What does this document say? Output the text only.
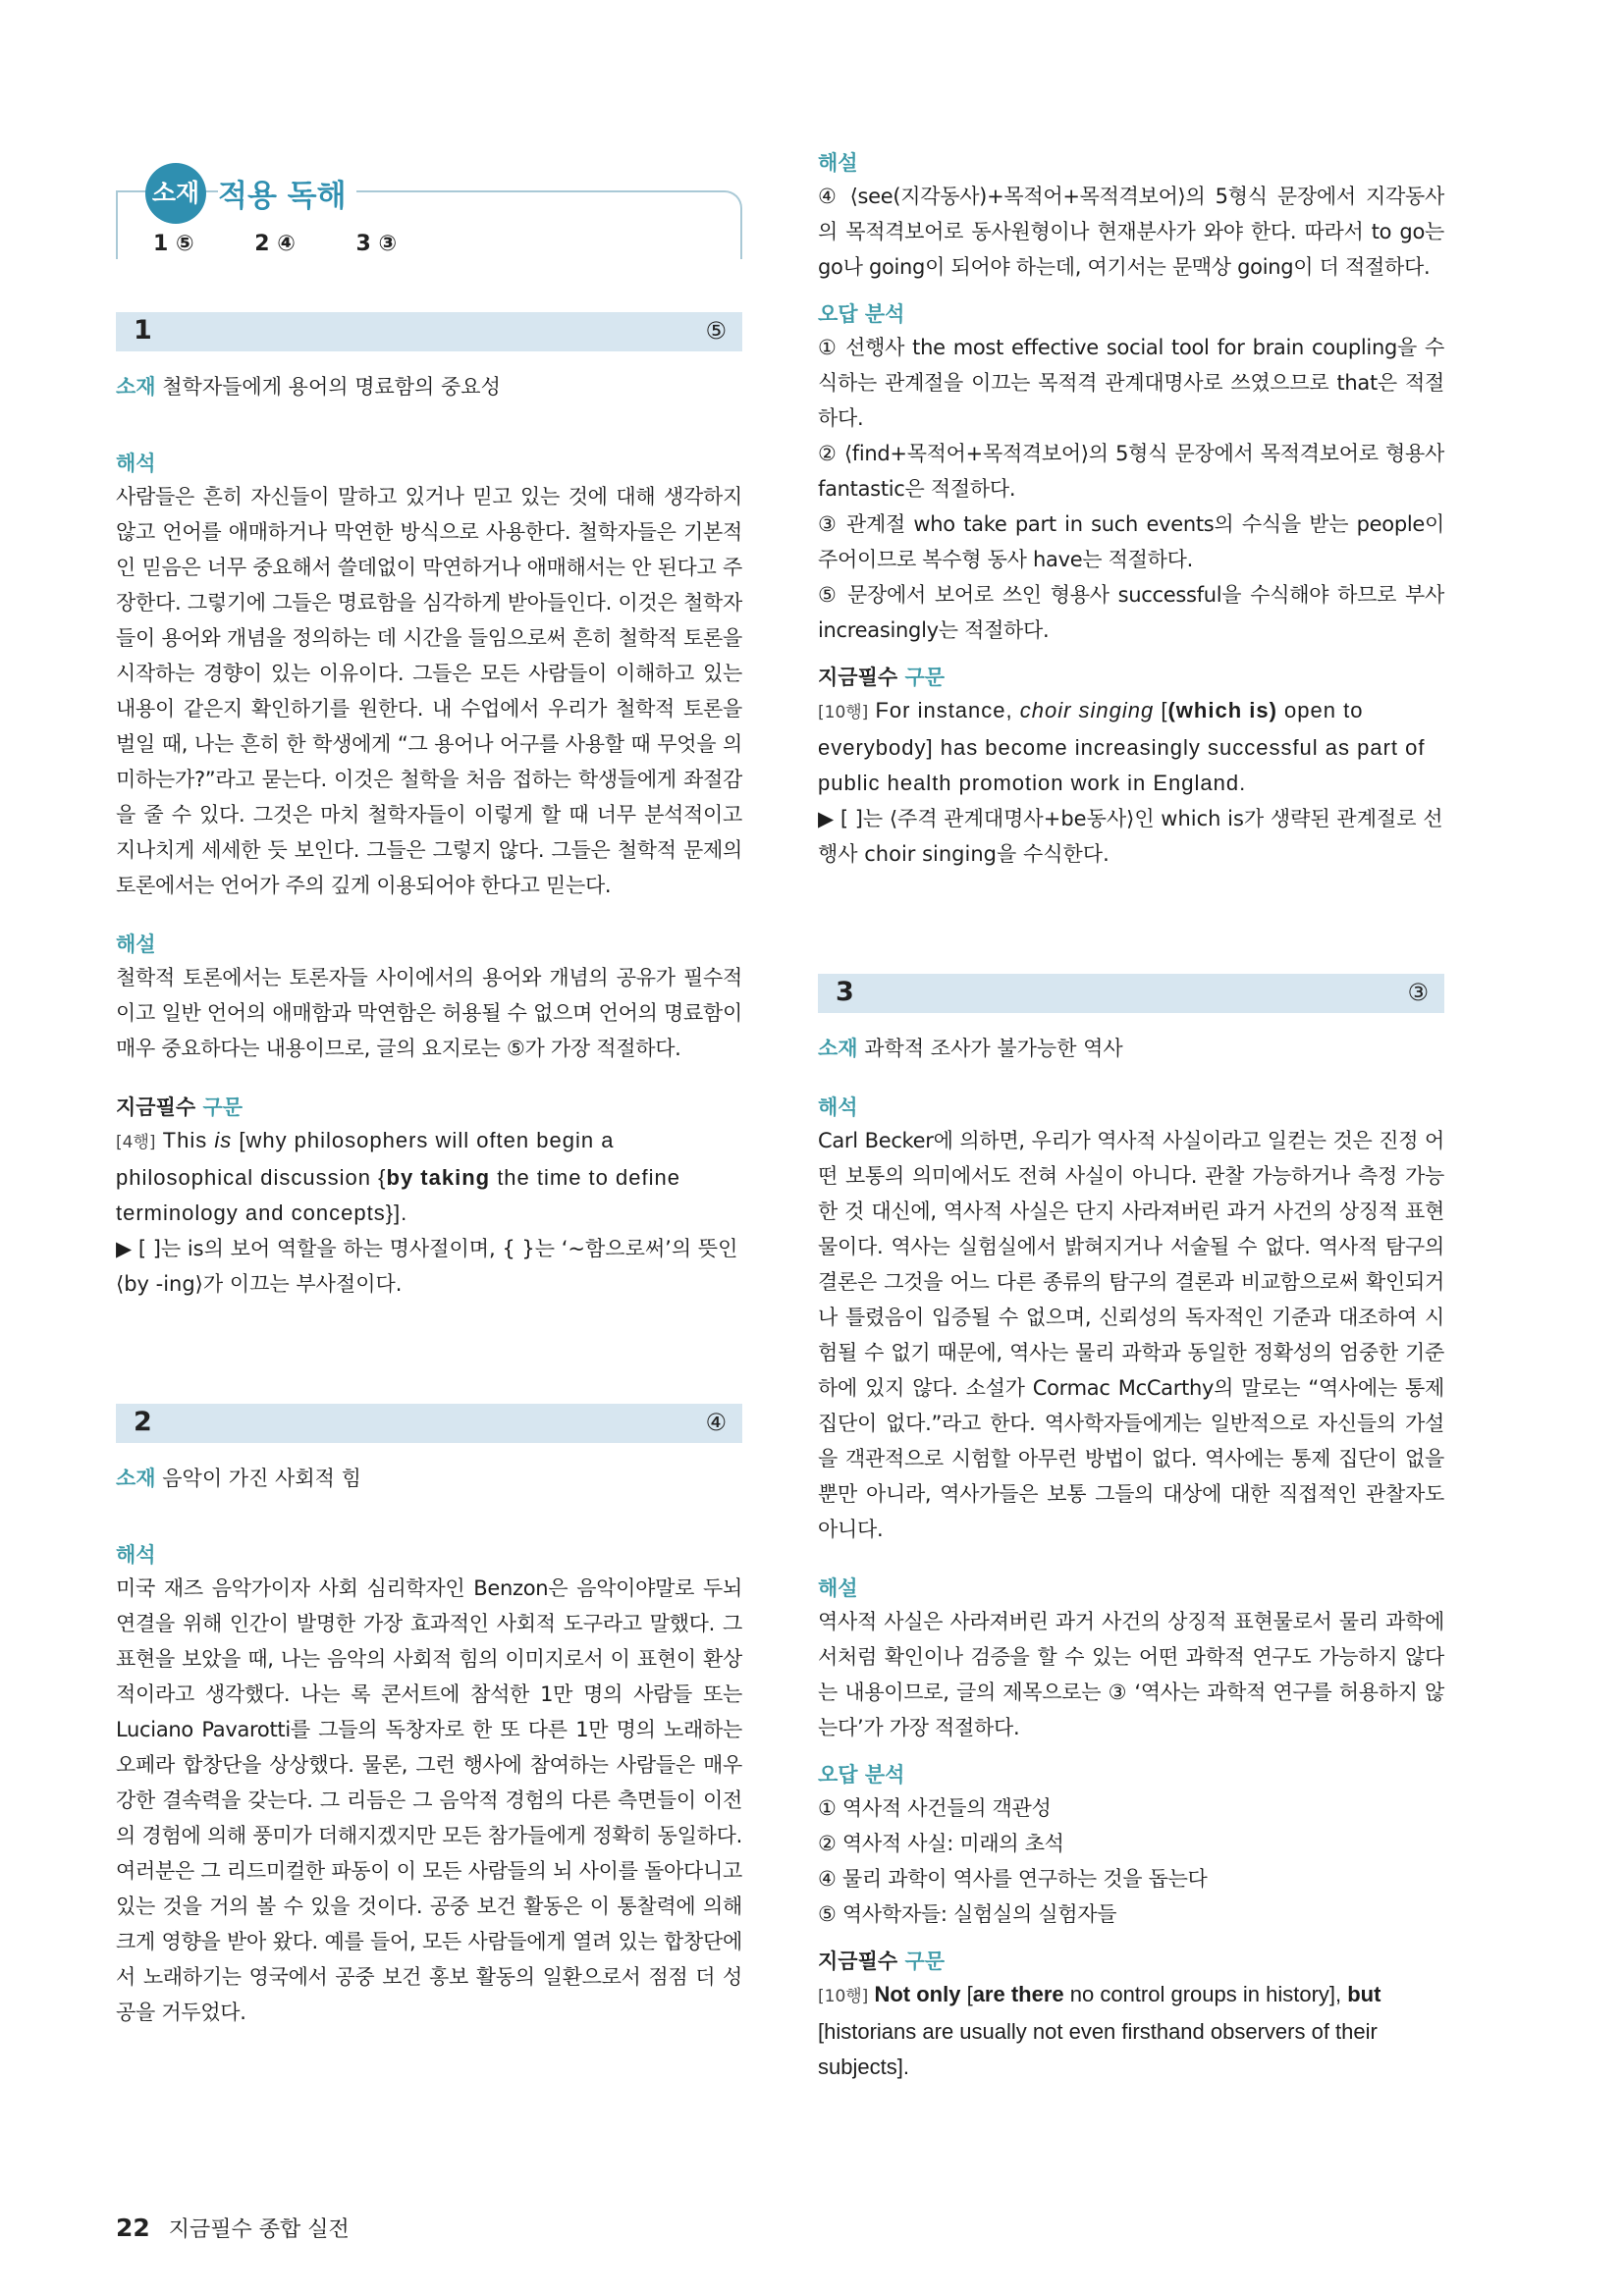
소재 적용 독해
1 ⑤	2 ④	3 ③
1	⑤

소재 철학자들에게 용어의 명료함의 중요성

해석

사람들은 흔히 자신들이 말하고 있거나 믿고 있는 것에 대해 생각하지 않고 언어를 애매하거나 막연한 방식으로 사용한다. 철학자들은 기본적인 믿음은 너무 중요해서 쓸데없이 막연하거나 애매해서는 안 된다고 주장한다. 그렇기에 그들은 명료함을 심각하게 받아들인다. 이것은 철학자들이 용어와 개념을 정의하는 데 시간을 들임으로써 흔히 철학적 토론을 시작하는 경향이 있는 이유이다. 그들은 모든 사람들이 이해하고 있는 내용이 같은지 확인하기를 원한다. 내 수업에서 우리가 철학적 토론을 벌일 때, 나는 흔히 한 학생에게 “그 용어나 어구를 사용할 때 무엇을 의미하는가?”라고 묻는다. 이것은 철학을 처음 접하는 학생들에게 좌절감을 줄 수 있다. 그것은 마치 철학자들이 이렇게 할 때 너무 분석적이고 지나치게 세세한 듯 보인다. 그들은 그렇지 않다. 그들은 철학적 문제의 토론에서는 언어가 주의 깊게 이용되어야 한다고 믿는다.

해설

철학적 토론에서는 토론자들 사이에서의 용어와 개념의 공유가 필수적이고 일반 언어의 애매함과 막연함은 허용될 수 없으며 언어의 명료함이 매우 중요하다는 내용이므로, 글의 요지로는 ⑤가 가장 적절하다.

지금필수 구문

[4행] This is [why philosophers will often begin a philosophical discussion {by taking the time to define terminology and concepts}].

▶ [ ]는 is의 보어 역할을 하는 명사절이며, { }는 ‘~함으로써’의 뜻인 ⟨by -ing⟩가 이끄는 부사절이다.

2	④

소재 음악이 가진 사회적 힘

해석

미국 재즈 음악가이자 사회 심리학자인 Benzon은 음악이야말로 두뇌 연결을 위해 인간이 발명한 가장 효과적인 사회적 도구라고 말했다. 그 표현을 보았을 때, 나는 음악의 사회적 힘의 이미지로서 이 표현이 환상적이라고 생각했다. 나는 록 콘서트에 참석한 1만 명의 사람들 또는 Luciano Pavarotti를 그들의 독창자로 한 또 다른 1만 명의 노래하는 오페라 합창단을 상상했다. 물론, 그런 행사에 참여하는 사람들은 매우 강한 결속력을 갖는다. 그 리듬은 그 음악적 경험의 다른 측면들이 이전의 경험에 의해 풍미가 더해지겠지만 모든 참가들에게 정확히 동일하다. 여러분은 그 리드미컬한 파동이 이 모든 사람들의 뇌 사이를 돌아다니고 있는 것을 거의 볼 수 있을 것이다. 공중 보건 활동은 이 통찰력에 의해 크게 영향을 받아 왔다. 예를 들어, 모든 사람들에게 열려 있는 합창단에서 노래하기는 영국에서 공중 보건 홍보 활동의 일환으로서 점점 더 성공을 거두었다.

해설

④ ⟨see(지각동사)+목적어+목적격보어⟩의 5형식 문장에서 지각동사의 목적격보어로 동사원형이나 현재분사가 와야 한다. 따라서 to go는 go나 going이 되어야 하는데, 여기서는 문맥상 going이 더 적절하다.

오답 분석

① 선행사 the most effective social tool for brain coupling을 수식하는 관계절을 이끄는 목적격 관계대명사로 쓰였으므로 that은 적절하다.

② ⟨find+목적어+목적격보어⟩의 5형식 문장에서 목적격보어로 형용사 fantastic은 적절하다.

③ 관계절 who take part in such events의 수식을 받는 people이 주어이므로 복수형 동사 have는 적절하다.

⑤ 문장에서 보어로 쓰인 형용사 successful을 수식해야 하므로 부사 increasingly는 적절하다.

지금필수 구문

[10행] For instance, choir singing [(which is) open to everybody] has become increasingly successful as part of public health promotion work in England.

▶ [ ]는 ⟨주격 관계대명사+be동사⟩인 which is가 생략된 관계절로 선행사 choir singing을 수식한다.

3	③

소재 과학적 조사가 불가능한 역사

해석

Carl Becker에 의하면, 우리가 역사적 사실이라고 일컫는 것은 진정 어떤 보통의 의미에서도 전혀 사실이 아니다. 관찰 가능하거나 측정 가능한 것 대신에, 역사적 사실은 단지 사라져버린 과거 사건의 상징적 표현물이다. 역사는 실험실에서 밝혀지거나 서술될 수 없다. 역사적 탐구의 결론은 그것을 어느 다른 종류의 탐구의 결론과 비교함으로써 확인되거나 틀렸음이 입증될 수 없으며, 신뢰성의 독자적인 기준과 대조하여 시험될 수 없기 때문에, 역사는 물리 과학과 동일한 정확성의 엄중한 기준 하에 있지 않다. 소설가 Cormac McCarthy의 말로는 “역사에는 통제 집단이 없다.”라고 한다. 역사학자들에게는 일반적으로 자신들의 가설을 객관적으로 시험할 아무런 방법이 없다. 역사에는 통제 집단이 없을 뿐만 아니라, 역사가들은 보통 그들의 대상에 대한 직접적인 관찰자도 아니다.

해설

역사적 사실은 사라져버린 과거 사건의 상징적 표현물로서 물리 과학에서처럼 확인이나 검증을 할 수 있는 어떤 과학적 연구도 가능하지 않다는 내용이므로, 글의 제목으로는 ③ ‘역사는 과학적 연구를 허용하지 않는다’가 가장 적절하다.

오답 분석

① 역사적 사건들의 객관성

② 역사적 사실: 미래의 초석

④ 물리 과학이 역사를 연구하는 것을 돕는다

⑤ 역사학자들: 실험실의 실험자들

지금필수 구문

[10행] Not only [are there no control groups in history], but [historians are usually not even firsthand observers of their subjects].

22 지금필수 종합 실전
